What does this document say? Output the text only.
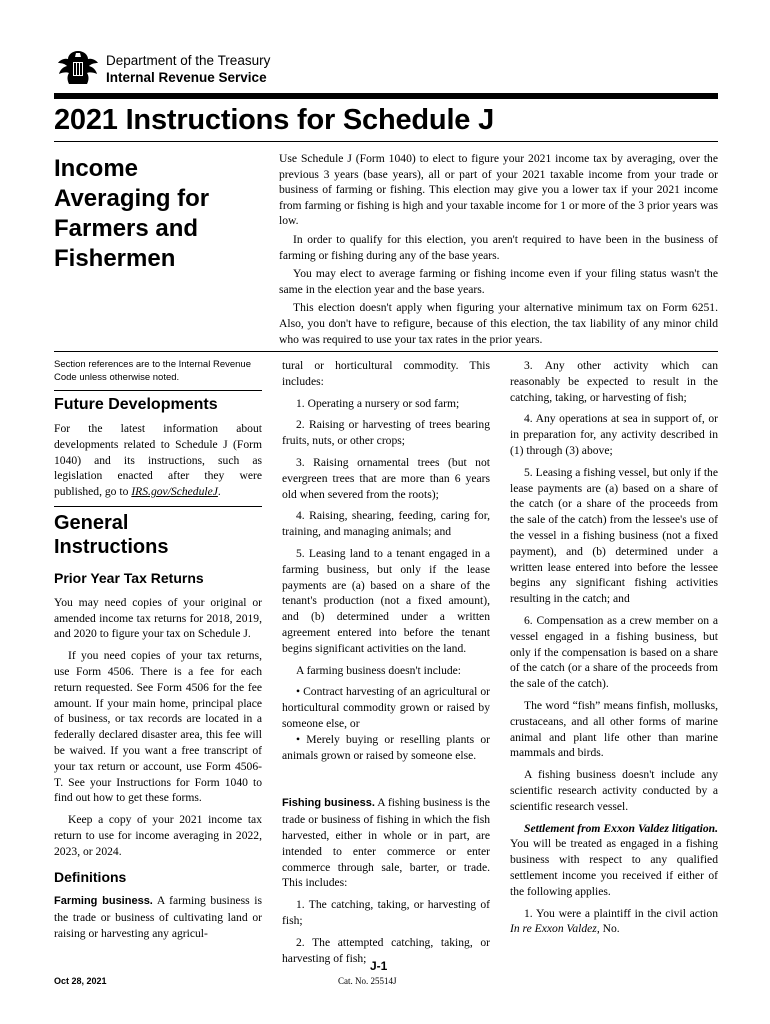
Department of the Treasury
Internal Revenue Service
2021 Instructions for Schedule J
Income
Averaging for
Farmers and
Fishermen

Use Schedule J (Form 1040) to elect to figure your 2021 income tax by averaging, over the previous 3 years (base years), all or part of your 2021 taxable income from your trade or business of farming or fishing. This election may give you a lower tax if your 2021 income from farming or fishing is high and your taxable income for 1 or more of the 3 prior years was low.

In order to qualify for this election, you aren't required to have been in the business of farming or fishing during any of the base years.

You may elect to average farming or fishing income even if your filing status wasn't the same in the election year and the base years.

This election doesn't apply when figuring your alternative minimum tax on Form 6251. Also, you don't have to refigure, because of this election, the tax liability of any minor child who was required to use your tax rates in the prior years.

Section references are to the Internal Revenue Code unless otherwise noted.

Future Developments

For the latest information about developments related to Schedule J (Form 1040) and its instructions, such as legislation enacted after they were published, go to IRS.gov/ScheduleJ.

General
Instructions
Prior Year Tax Returns

You may need copies of your original or amended income tax returns for 2018, 2019, and 2020 to figure your tax on Schedule J.

If you need copies of your tax returns, use Form 4506. There is a fee for each return requested. See Form 4506 for the fee amount. If your main home, principal place of business, or tax records are located in a federally declared disaster area, this fee will be waived. If you want a free transcript of your tax return or account, use Form 4506-T. See your Instructions for Form 1040 to find out how to get these forms.

Keep a copy of your 2021 income tax return to use for income averaging in 2022, 2023, or 2024.

Definitions

Farming business. A farming business is the trade or business of cultivating land or raising or harvesting any agricul-

tural or horticultural commodity. This includes:

1. Operating a nursery or sod farm;

2. Raising or harvesting of trees bearing fruits, nuts, or other crops;

3. Raising ornamental trees (but not evergreen trees that are more than 6 years old when severed from the roots);

4. Raising, shearing, feeding, caring for, training, and managing animals; and

5. Leasing land to a tenant engaged in a farming business, but only if the lease payments are (a) based on a share of the tenant's production (not a fixed amount), and (b) determined under a written agreement entered into before the tenant begins significant activities on the land.

A farming business doesn't include:

• Contract harvesting of an agricultural or horticultural commodity grown or raised by someone else, or

• Merely buying or reselling plants or animals grown or raised by someone else.

Fishing business. A fishing business is the trade or business of fishing in which the fish harvested, either in whole or in part, are intended to enter commerce or enter commerce through sale, barter, or trade. This includes:

1. The catching, taking, or harvesting of fish;

2. The attempted catching, taking, or harvesting of fish;

3. Any other activity which can reasonably be expected to result in the catching, taking, or harvesting of fish;

4. Any operations at sea in support of, or in preparation for, any activity described in (1) through (3) above;

5. Leasing a fishing vessel, but only if the lease payments are (a) based on a share of the catch (or a share of the proceeds from the sale of the catch) from the lessee's use of the vessel in a fishing business (not a fixed payment), and (b) determined under a written lease entered into before the lessee begins any significant fishing activities resulting in the catch; and

6. Compensation as a crew member on a vessel engaged in a fishing business, but only if the compensation is based on a share of the catch (or a share of the proceeds from the sale of the catch).

The word “fish” means finfish, mollusks, crustaceans, and all other forms of marine animal and plant life other than marine mammals and birds.

A fishing business doesn't include any scientific research activity conducted by a scientific research vessel.

Settlement from Exxon Valdez litigation. You will be treated as engaged in a fishing business with respect to any qualified settlement income you received if either of the following applies.

1. You were a plaintiff in the civil action In re Exxon Valdez, No.

J-1
Oct 28, 2021	Cat. No. 25514J
